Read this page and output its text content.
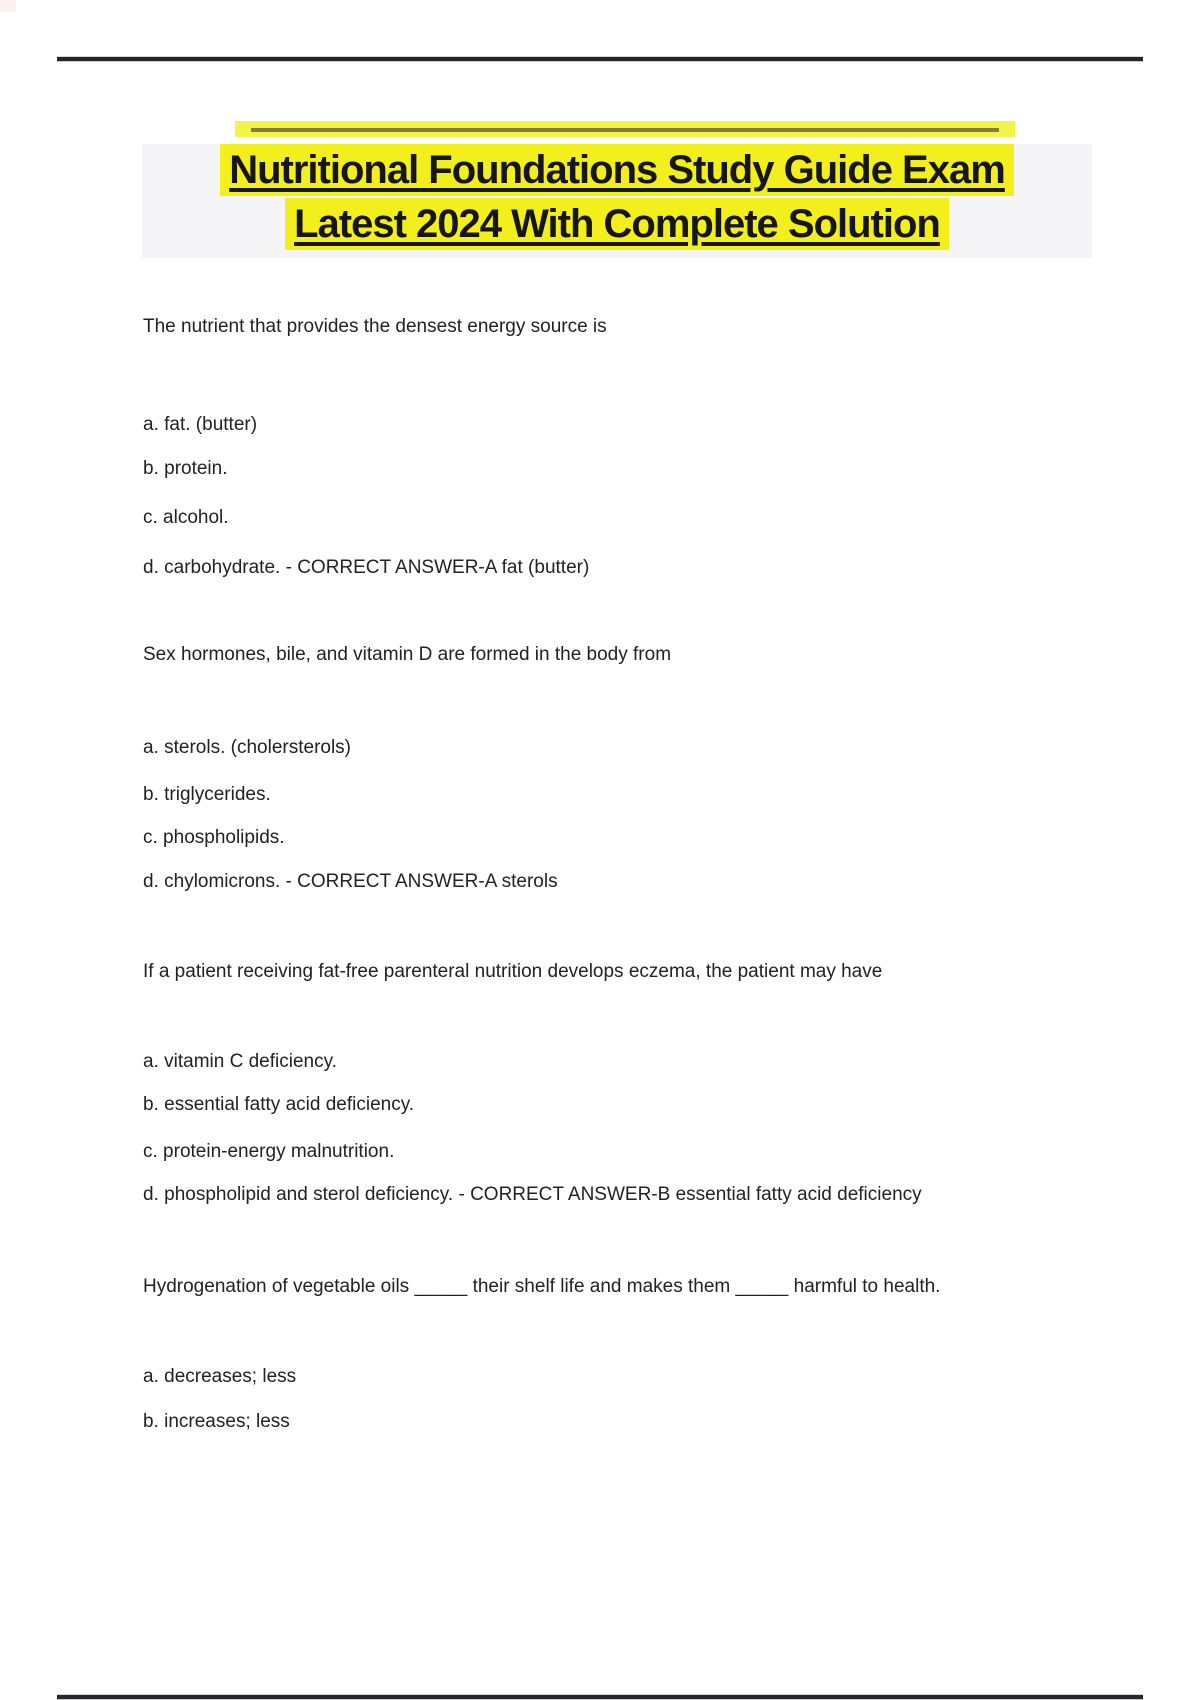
Nutritional Foundations Study Guide Exam
Latest 2024 With Complete Solution
The nutrient that provides the densest energy source is
a. fat. (butter)
b. protein.
c. alcohol.
d. carbohydrate. - CORRECT ANSWER-A fat (butter)
Sex hormones, bile, and vitamin D are formed in the body from
a. sterols. (cholersterols)
b. triglycerides.
c. phospholipids.
d. chylomicrons. - CORRECT ANSWER-A sterols
If a patient receiving fat-free parenteral nutrition develops eczema, the patient may have
a. vitamin C deficiency.
b. essential fatty acid deficiency.
c. protein-energy malnutrition.
d. phospholipid and sterol deficiency. - CORRECT ANSWER-B essential fatty acid deficiency
Hydrogenation of vegetable oils _____ their shelf life and makes them _____ harmful to health.
a. decreases; less
b. increases; less
